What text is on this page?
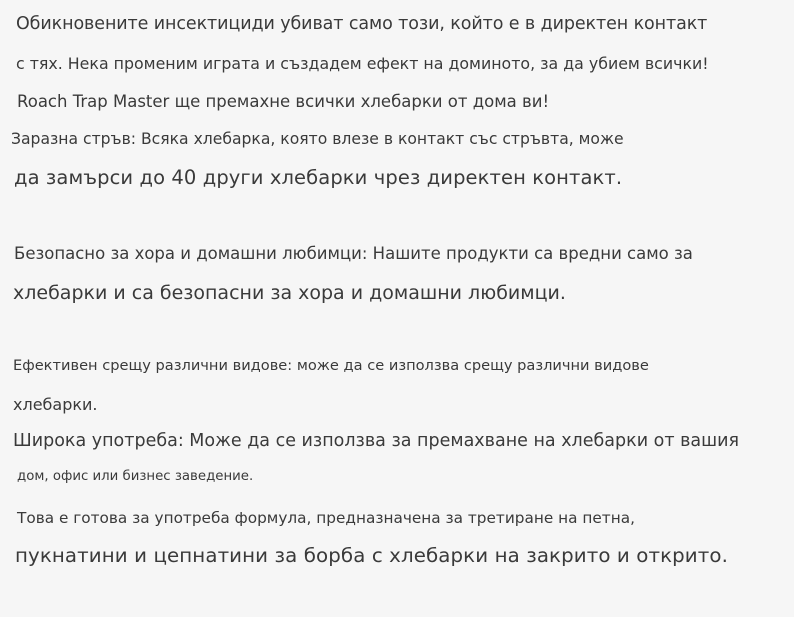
Обикновените инсектициди убиват само този, който е в директен контакт
с тях. Нека променим играта и създадем ефект на доминото, за да убием всички!
Roach Trap Master ще премахне всички хлебарки от дома ви!
Заразна стръв: Всяка хлебарка, която влезе в контакт със стръвта, може
да замърси до 40 други хлебарки чрез директен контакт.
Безопасно за хора и домашни любимци: Нашите продукти са вредни само за
хлебарки и са безопасни за хора и домашни любимци.
Ефективен срещу различни видове: може да се използва срещу различни видове
хлебарки.
Широка употреба: Може да се използва за премахване на хлебарки от вашия
дом, офис или бизнес заведение.
Това е готова за употреба формула, предназначена за третиране на петна,
пукнатини и цепнатини за борба с хлебарки на закрито и открито.
